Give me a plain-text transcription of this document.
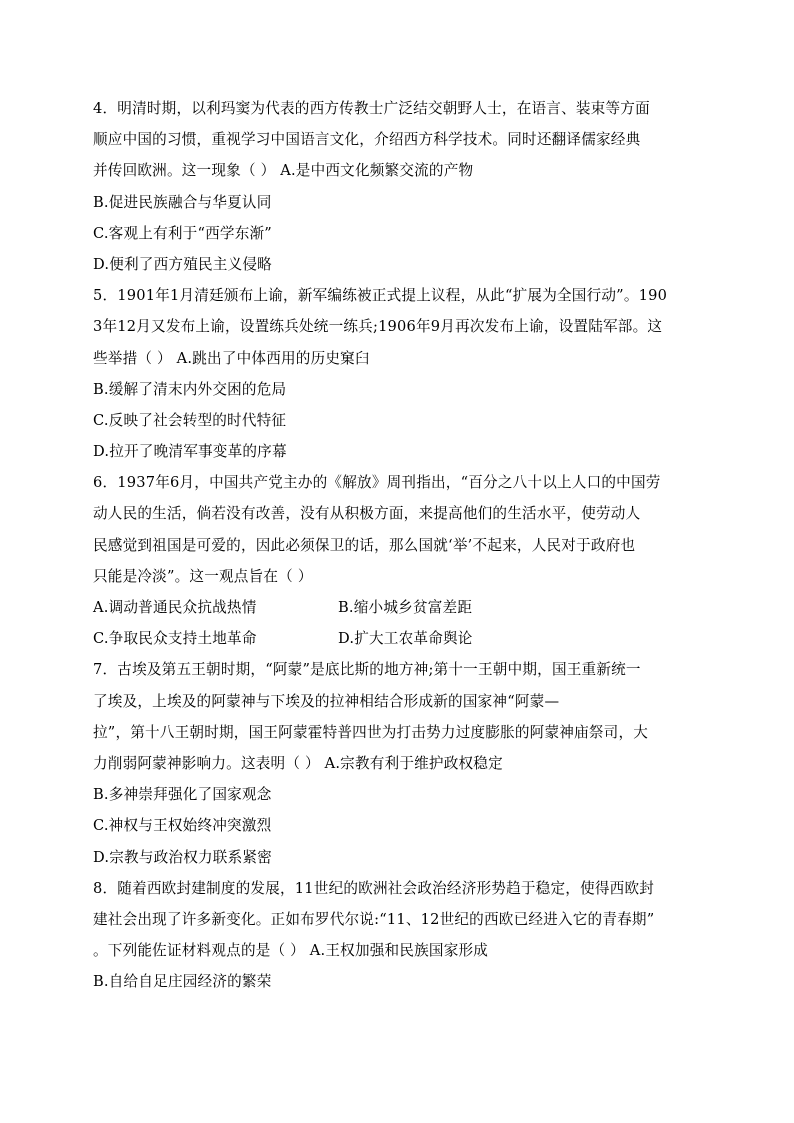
4．明清时期，以利玛窦为代表的西方传教士广泛结交朝野人士，在语言、装束等方面
顺应中国的习惯，重视学习中国语言文化，介绍西方科学技术。同时还翻译儒家经典
并传回欧洲。这一现象（ ） A.是中西文化频繁交流的产物
B.促进民族融合与华夏认同
C.客观上有利于“西学东渐”
D.便利了西方殖民主义侵略
5．1901年1月清廷颁布上谕，新军编练被正式提上议程，从此“扩展为全国行动”。190
3年12月又发布上谕，设置练兵处统一练兵;1906年9月再次发布上谕，设置陆军部。这
些举措（ ） A.跳出了中体西用的历史窠臼
B.缓解了清末内外交困的危局
C.反映了社会转型的时代特征
D.拉开了晚清军事变革的序幕
6．1937年6月，中国共产党主办的《解放》周刊指出，“百分之八十以上人口的中国劳
动人民的生活，倘若没有改善，没有从积极方面，来提高他们的生活水平，使劳动人
民感觉到祖国是可爱的，因此必须保卫的话，那么国就‘举’不起来，人民对于政府也
只能是冷淡”。这一观点旨在（ ）
A.调动普通民众抗战热情	B.缩小城乡贫富差距
C.争取民众支持土地革命	D.扩大工农革命舆论
7．古埃及第五王朝时期，“阿蒙”是底比斯的地方神;第十一王朝中期，国王重新统一
了埃及，上埃及的阿蒙神与下埃及的拉神相结合形成新的国家神“阿蒙—
拉”，第十八王朝时期，国王阿蒙霍特普四世为打击势力过度膨胀的阿蒙神庙祭司，大
力削弱阿蒙神影响力。这表明（ ） A.宗教有利于维护政权稳定
B.多神崇拜强化了国家观念
C.神权与王权始终冲突激烈
D.宗教与政治权力联系紧密
8．随着西欧封建制度的发展，11世纪的欧洲社会政治经济形势趋于稳定，使得西欧封
建社会出现了许多新变化。正如布罗代尔说:“11、12世纪的西欧已经进入它的青春期”
。下列能佐证材料观点的是（ ） A.王权加强和民族国家形成
B.自给自足庄园经济的繁荣
